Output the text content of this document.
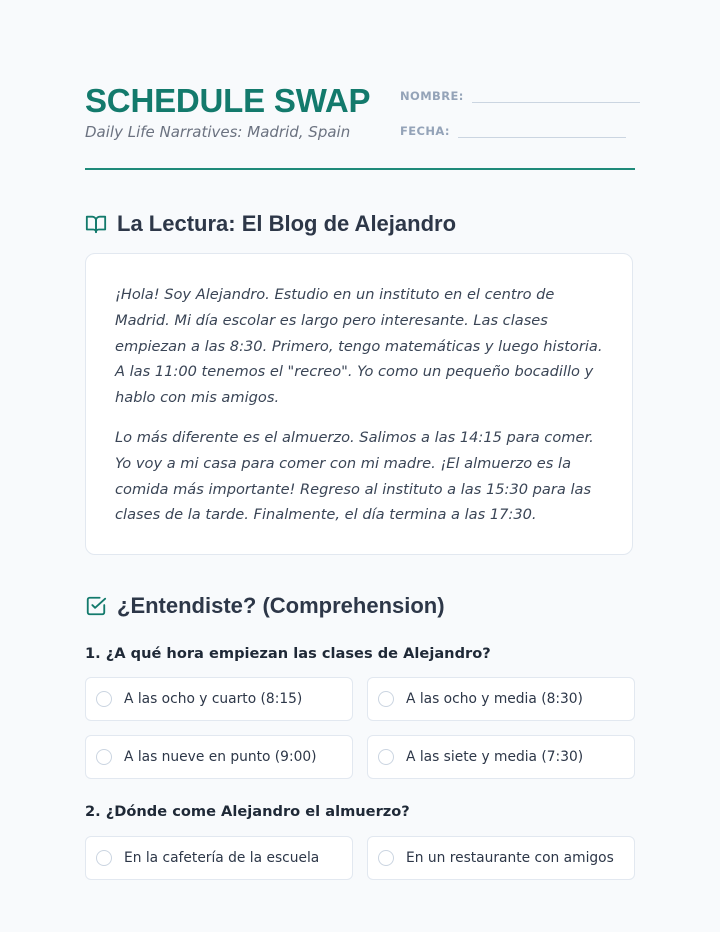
SCHEDULE SWAP
Daily Life Narratives: Madrid, Spain
NOMBRE:
FECHA:
La Lectura: El Blog de Alejandro

¡Hola! Soy Alejandro. Estudio en un instituto en el centro de Madrid. Mi día escolar es largo pero interesante. Las clases empiezan a las 8:30. Primero, tengo matemáticas y luego historia. A las 11:00 tenemos el "recreo". Yo como un pequeño bocadillo y hablo con mis amigos.

Lo más diferente es el almuerzo. Salimos a las 14:15 para comer. Yo voy a mi casa para comer con mi madre. ¡El almuerzo es la comida más importante! Regreso al instituto a las 15:30 para las clases de la tarde. Finalmente, el día termina a las 17:30.

¿Entendiste? (Comprehension)
1. ¿A qué hora empiezan las clases de Alejandro?
A las ocho y cuarto (8:15)	A las ocho y media (8:30)
A las nueve en punto (9:00)	A las siete y media (7:30)
2. ¿Dónde come Alejandro el almuerzo?
En la cafetería de la escuela	En un restaurante con amigos
